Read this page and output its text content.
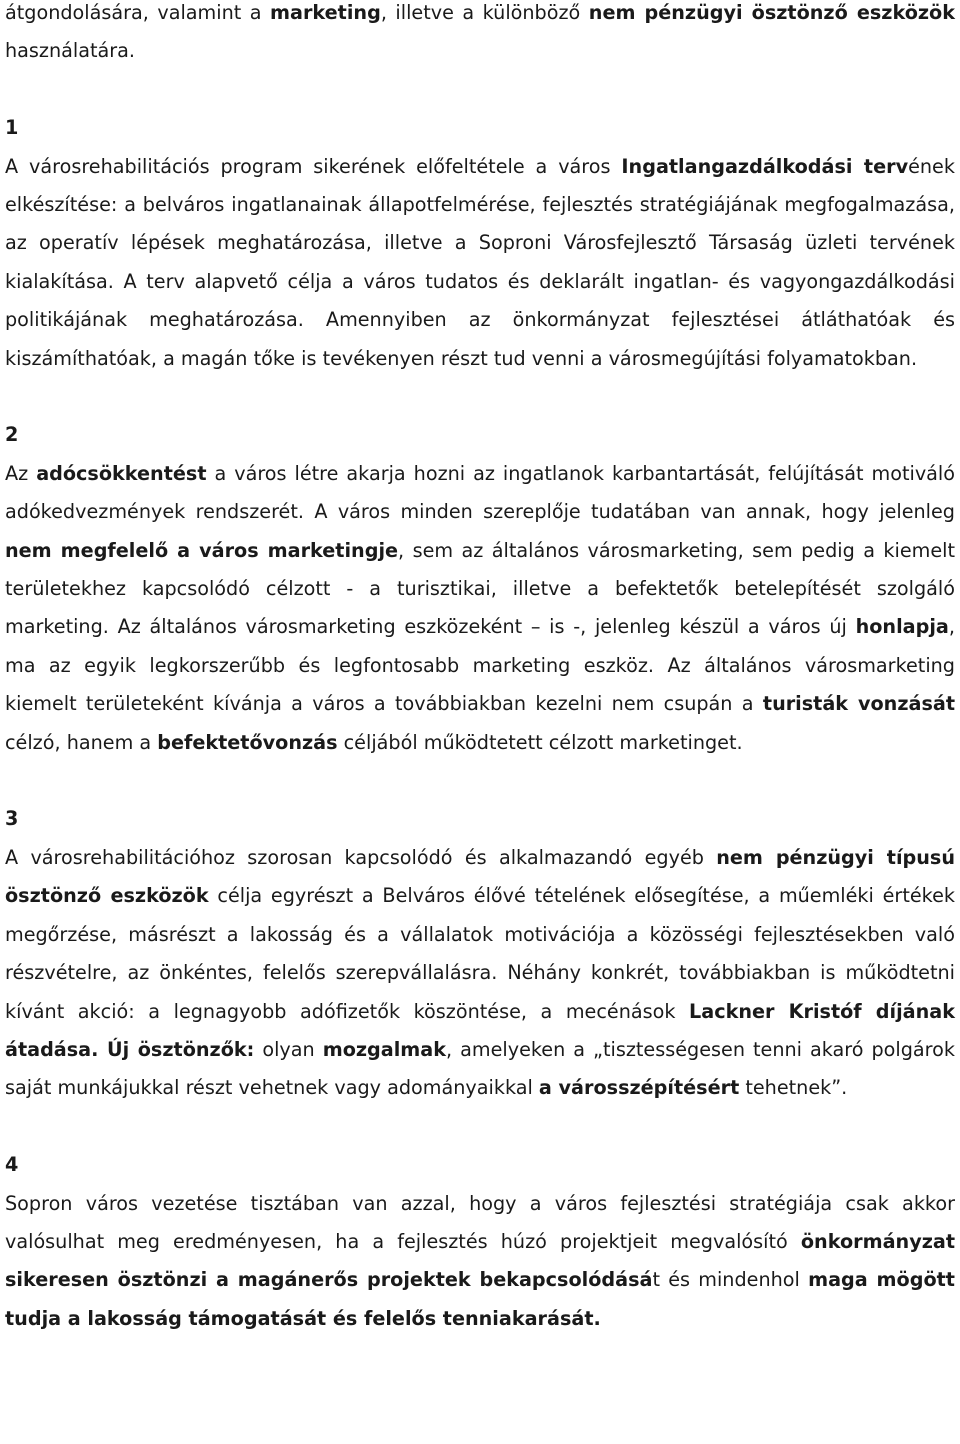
átgondolására, valamint a marketing, illetve a különböző nem pénzügyi ösztönző eszközök használatára.

1

A városrehabilitációs program sikerének előfeltétele a város Ingatlangazdálkodási tervének elkészítése: a belváros ingatlanainak állapotfelmérése, fejlesztés stratégiájának megfogalmazása, az operatív lépések meghatározása, illetve a Soproni Városfejlesztő Társaság üzleti tervének kialakítása. A terv alapvető célja a város tudatos és deklarált ingatlan- és vagyongazdálkodási politikájának meghatározása. Amennyiben az önkormányzat fejlesztései átláthatóak és kiszámíthatóak, a magán tőke is tevékenyen részt tud venni a városmegújítási folyamatokban.

2

Az adócsökkentést a város létre akarja hozni az ingatlanok karbantartását, felújítását motiváló adókedvezmények rendszerét. A város minden szereplője tudatában van annak, hogy jelenleg nem megfelelő a város marketingje, sem az általános városmarketing, sem pedig a kiemelt területekhez kapcsolódó célzott - a turisztikai, illetve a befektetők betelepítését szolgáló marketing. Az általános városmarketing eszközeként – is -, jelenleg készül a város új honlapja, ma az egyik legkorszerűbb és legfontosabb marketing eszköz. Az általános városmarketing kiemelt területeként kívánja a város a továbbiakban kezelni nem csupán a turisták vonzását célzó, hanem a befektetővonzás céljából működtetett célzott marketinget.

3

A városrehabilitációhoz szorosan kapcsolódó és alkalmazandó egyéb nem pénzügyi típusú ösztönző eszközök célja egyrészt a Belváros élővé tételének elősegítése, a műemléki értékek megőrzése, másrészt a lakosság és a vállalatok motivációja a közösségi fejlesztésekben való részvételre, az önkéntes, felelős szerepvállalásra. Néhány konkrét, továbbiakban is működtetni kívánt akció: a legnagyobb adófizetők köszöntése, a mecénások Lackner Kristóf díjának átadása. Új ösztönzők: olyan mozgalmak, amelyeken a „tisztességesen tenni akaró polgárok saját munkájukkal részt vehetnek vagy adományaikkal a városszépítésért tehetnek”.

4

Sopron város vezetése tisztában van azzal, hogy a város fejlesztési stratégiája csak akkor valósulhat meg eredményesen, ha a fejlesztés húzó projektjeit megvalósító önkormányzat sikeresen ösztönzi a magánerős projektek bekapcsolódását és mindenhol maga mögött tudja a lakosság támogatását és felelős tenniakarását.
